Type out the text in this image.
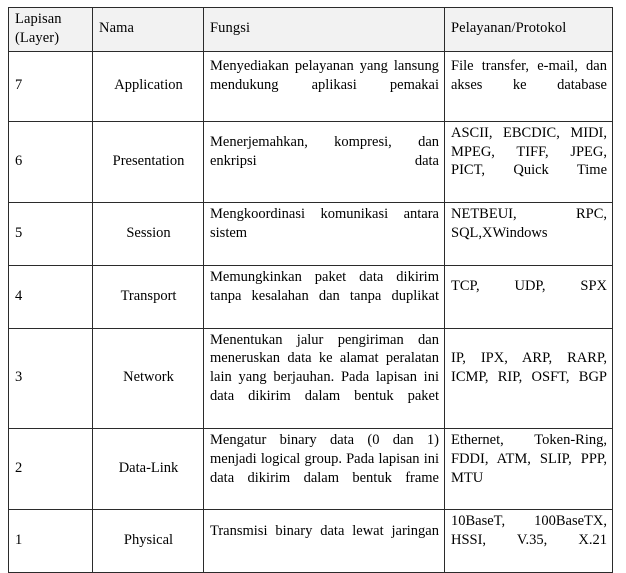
Lapisan
(Layer)	Nama	Fungsi	Pelayanan/Protokol
7	Application	Menyediakan pelayanan yang lansung mendukung aplikasi pemakai	File transfer, e-mail, dan akses ke database
6	Presentation	Menerjemahkan, kompresi, dan enkripsi data	ASCII, EBCDIC, MIDI, MPEG, TIFF, JPEG, PICT, Quick Time
5	Session	Mengkoordinasi komunikasi antara sistem	NETBEUI, RPC, SQL,XWindows
4	Transport	Memungkinkan paket data dikirim tanpa kesalahan dan tanpa duplikat	TCP, UDP, SPX
3	Network	Menentukan jalur pengiriman dan meneruskan data ke alamat peralatan lain yang berjauhan. Pada lapisan ini data dikirim dalam bentuk paket	IP, IPX, ARP, RARP, ICMP, RIP, OSFT, BGP
2	Data-Link	Mengatur binary data (0 dan 1) menjadi logical group. Pada lapisan ini data dikirim dalam bentuk frame	Ethernet, Token-Ring, FDDI, ATM, SLIP, PPP, MTU
1	Physical	Transmisi binary data lewat jaringan	10BaseT, 100BaseTX, HSSI, V.35, X.21
